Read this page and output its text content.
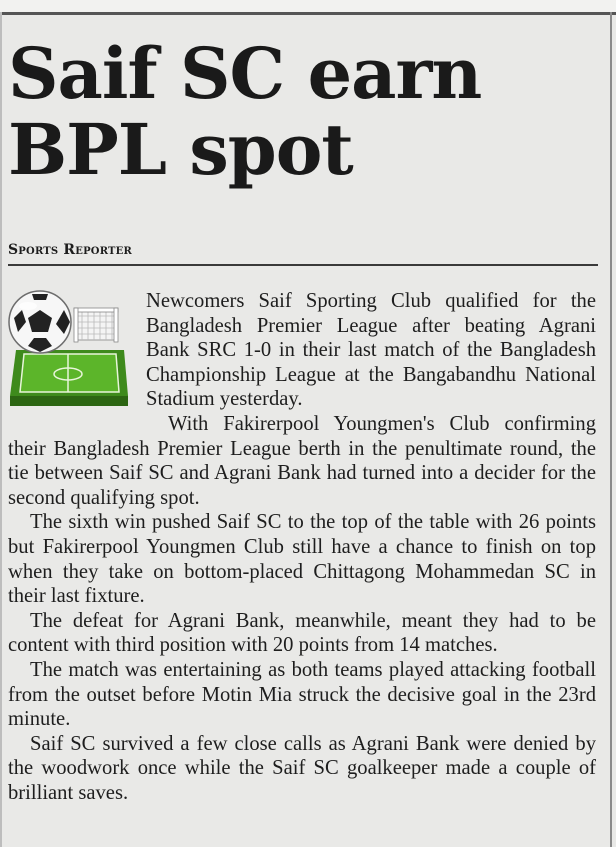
Saif SC earn BPL spot
Sports Reporter

Newcomers Saif Sporting Club qualified for the Bangladesh Premier League after beating Agrani Bank SRC 1-0 in their last match of the Bangladesh Championship League at the Bangabandhu National Stadium yesterday.

With Fakirerpool Youngmen's Club confirming their Bangladesh Premier League berth in the penultimate round, the tie between Saif SC and Agrani Bank had turned into a decider for the second qualifying spot.

The sixth win pushed Saif SC to the top of the table with 26 points but Fakirerpool Youngmen Club still have a chance to finish on top when they take on bottom-placed Chittagong Mohammedan SC in their last fixture.

The defeat for Agrani Bank, meanwhile, meant they had to be content with third position with 20 points from 14 matches.

The match was entertaining as both teams played attacking football from the outset before Motin Mia struck the decisive goal in the 23rd minute.

Saif SC survived a few close calls as Agrani Bank were denied by the woodwork once while the Saif SC goalkeeper made a couple of brilliant saves.
